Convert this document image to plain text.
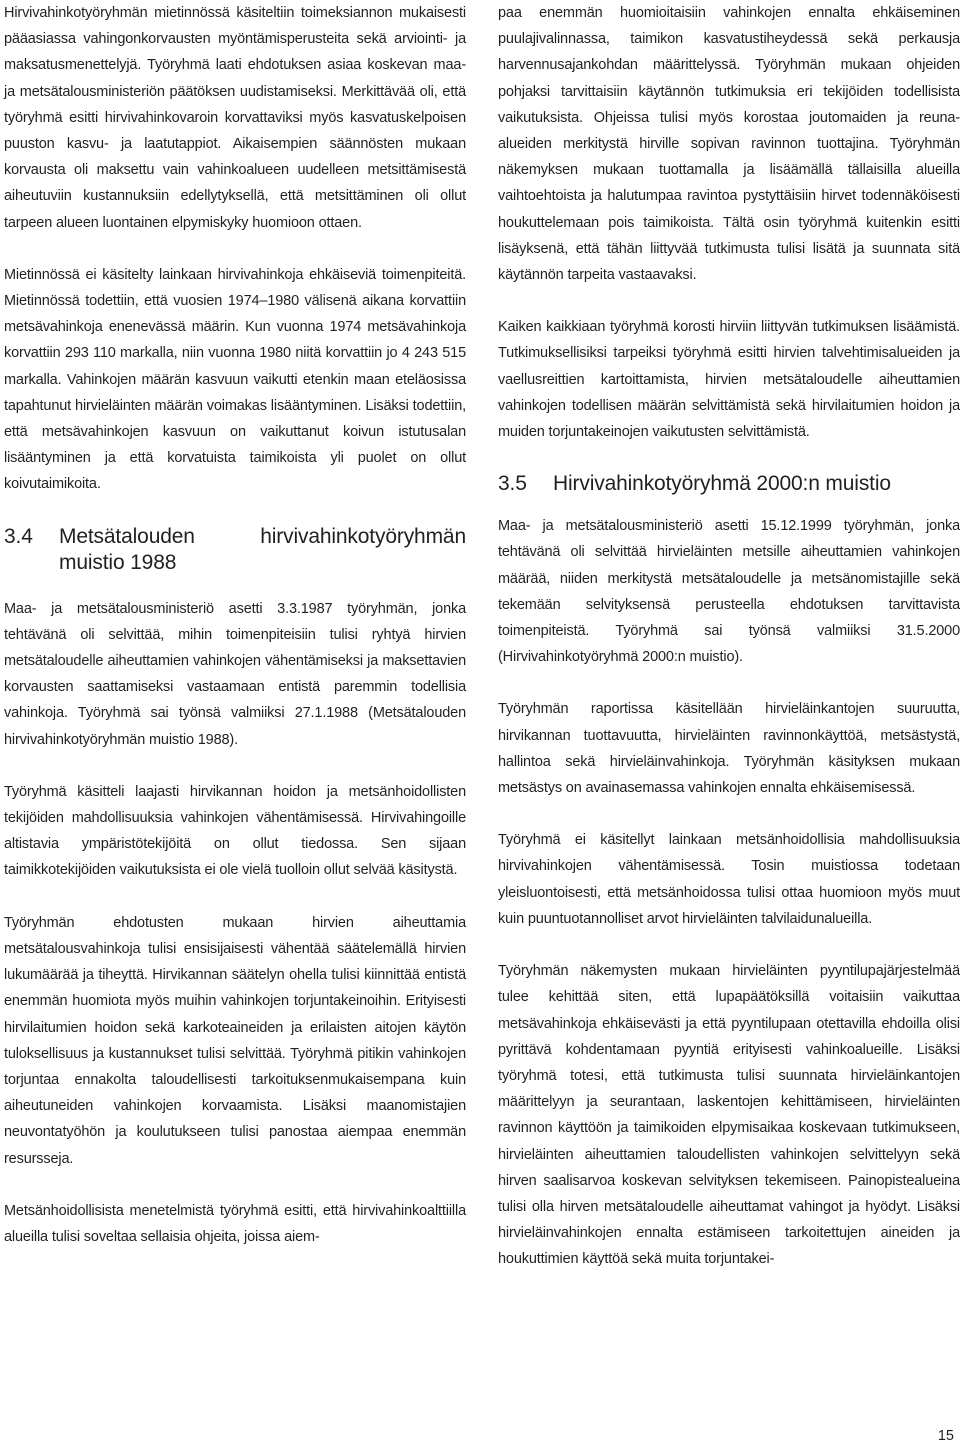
Hirvivahinkotyöryhmän mietinnössä käsiteltiin toimeksiannon mukaisesti pääasiassa vahingonkorvausten myöntämisperusteita sekä arviointi- ja maksatusmenettelyjä. Työryhmä laati ehdotuksen asiaa koskevan maa- ja metsätalousministeriön päätöksen uudistamiseksi. Merkittävää oli, että työryhmä esitti hirvivahinkovaroin korvattaviksi myös kasvatuskelpoisen puuston kasvu- ja laatutappiot. Aikaisempien säännösten mukaan korvausta oli maksettu vain vahinkoalueen uudelleen metsittämisestä aiheutuviin kustannuksiin edellytyksellä, että metsittäminen oli ollut tarpeen alueen luontainen elpymiskyky huomioon ottaen.

Mietinnössä ei käsitelty lainkaan hirvivahinkoja ehkäiseviä toimenpiteitä. Mietinnössä todettiin, että vuosien 1974–1980 välisenä aikana korvattiin metsävahinkoja enenevässä määrin. Kun vuonna 1974 metsävahinkoja korvattiin 293 110 markalla, niin vuonna 1980 niitä korvattiin jo 4 243 515 markalla. Vahinkojen määrän kasvuun vaikutti etenkin maan eteläosissa tapahtunut hirvieläinten määrän voimakas lisääntyminen. Lisäksi todettiin, että metsävahinkojen kasvuun on vaikuttanut koivun istutusalan lisääntyminen ja että korvatuista taimikoista yli puolet on ollut koivutaimikoita.

3.4	Metsätalouden hirvivahinkotyöryhmän muistio 1988

Maa- ja metsätalousministeriö asetti 3.3.1987 työryhmän, jonka tehtävänä oli selvittää, mihin toimenpiteisiin tulisi ryhtyä hirvien metsätaloudelle aiheuttamien vahinkojen vähentämiseksi ja maksettavien korvausten saattamiseksi vastaamaan entistä paremmin todellisia vahinkoja. Työryhmä sai työnsä valmiiksi 27.1.1988 (Metsätalouden hirvivahinkotyöryhmän muistio 1988).

Työryhmä käsitteli laajasti hirvikannan hoidon ja metsänhoidollisten tekijöiden mahdollisuuksia vahinkojen vähentämisessä. Hirvivahingoille altistavia ympäristötekijöitä on ollut tiedossa. Sen sijaan taimikkotekijöiden vaikutuksista ei ole vielä tuolloin ollut selvää käsitystä.

Työryhmän ehdotusten mukaan hirvien aiheuttamia metsätalousvahinkoja tulisi ensisijaisesti vähentää säätelemällä hirvien lukumäärää ja tiheyttä. Hirvikannan säätelyn ohella tulisi kiinnittää entistä enemmän huomiota myös muihin vahinkojen torjuntakeinoihin. Erityisesti hirvilaitumien hoidon sekä karkoteaineiden ja erilaisten aitojen käytön tuloksellisuus ja kustannukset tulisi selvittää. Työryhmä pitikin vahinkojen torjuntaa ennakolta taloudellisesti tarkoituksenmukaisempana kuin aiheutuneiden vahinkojen korvaamista. Lisäksi maanomistajien neuvontatyöhön ja koulutukseen tulisi panostaa aiempaa enemmän resursseja.

Metsänhoidollisista menetelmistä työryhmä esitti, että hirvivahinkoalttiilla alueilla tulisi soveltaa sellaisia ohjeita, joissa aiem-

paa enemmän huomioitaisiin vahinkojen ennalta ehkäiseminen puulajivalinnassa, taimikon kasvatustiheydessä sekä perkausja harvennusajankohdan määrittelyssä. Työryhmän mukaan ohjeiden pohjaksi tarvittaisiin käytännön tutkimuksia eri tekijöiden todellisista vaikutuksista. Ohjeissa tulisi myös korostaa joutomaiden ja reuna-alueiden merkitystä hirville sopivan ravinnon tuottajina. Työryhmän näkemyksen mukaan tuottamalla ja lisäämällä tällaisilla alueilla vaihtoehtoista ja halutumpaa ravintoa pystyttäisiin hirvet todennäköisesti houkuttelemaan pois taimikoista. Tältä osin työryhmä kuitenkin esitti lisäyksenä, että tähän liittyvää tutkimusta tulisi lisätä ja suunnata sitä käytännön tarpeita vastaavaksi.

Kaiken kaikkiaan työryhmä korosti hirviin liittyvän tutkimuksen lisäämistä. Tutkimuksellisiksi tarpeiksi työryhmä esitti hirvien talvehtimisalueiden ja vaellusreittien kartoittamista, hirvien metsätaloudelle aiheuttamien vahinkojen todellisen määrän selvittämistä sekä hirvilaitumien hoidon ja muiden torjuntakeinojen vaikutusten selvittämistä.

3.5	Hirvivahinkotyöryhmä 2000:n muistio

Maa- ja metsätalousministeriö asetti 15.12.1999 työryhmän, jonka tehtävänä oli selvittää hirvieläinten metsille aiheuttamien vahinkojen määrää, niiden merkitystä metsätaloudelle ja metsänomistajille sekä tekemään selvityksensä perusteella ehdotuksen tarvittavista toimenpiteistä. Työryhmä sai työnsä valmiiksi 31.5.2000 (Hirvivahinkotyöryhmä 2000:n muistio).

Työryhmän raportissa käsitellään hirvieläinkantojen suuruutta, hirvikannan tuottavuutta, hirvieläinten ravinnonkäyttöä, metsästystä, hallintoa sekä hirvieläinvahinkoja. Työryhmän käsityksen mukaan metsästys on avainasemassa vahinkojen ennalta ehkäisemisessä.

Työryhmä ei käsitellyt lainkaan metsänhoidollisia mahdollisuuksia hirvivahinkojen vähentämisessä. Tosin muistiossa todetaan yleisluontoisesti, että metsänhoidossa tulisi ottaa huomioon myös muut kuin puuntuotannolliset arvot hirvieläinten talvilaidunalueilla.

Työryhmän näkemysten mukaan hirvieläinten pyyntilupajärjestelmää tulee kehittää siten, että lupapäätöksillä voitaisiin vaikuttaa metsävahinkoja ehkäisevästi ja että pyyntilupaan otettavilla ehdoilla olisi pyrittävä kohdentamaan pyyntiä erityisesti vahinkoalueille. Lisäksi työryhmä totesi, että tutkimusta tulisi suunnata hirvieläinkantojen määrittelyyn ja seurantaan, laskentojen kehittämiseen, hirvieläinten ravinnon käyttöön ja taimikoiden elpymisaikaa koskevaan tutkimukseen, hirvieläinten aiheuttamien taloudellisten vahinkojen selvittelyyn sekä hirven saalisarvoa koskevan selvityksen tekemiseen. Painopistealueina tulisi olla hirven metsätaloudelle aiheuttamat vahingot ja hyödyt. Lisäksi hirvieläinvahinkojen ennalta estämiseen tarkoitettujen aineiden ja houkuttimien käyttöä sekä muita torjuntakei-

15
